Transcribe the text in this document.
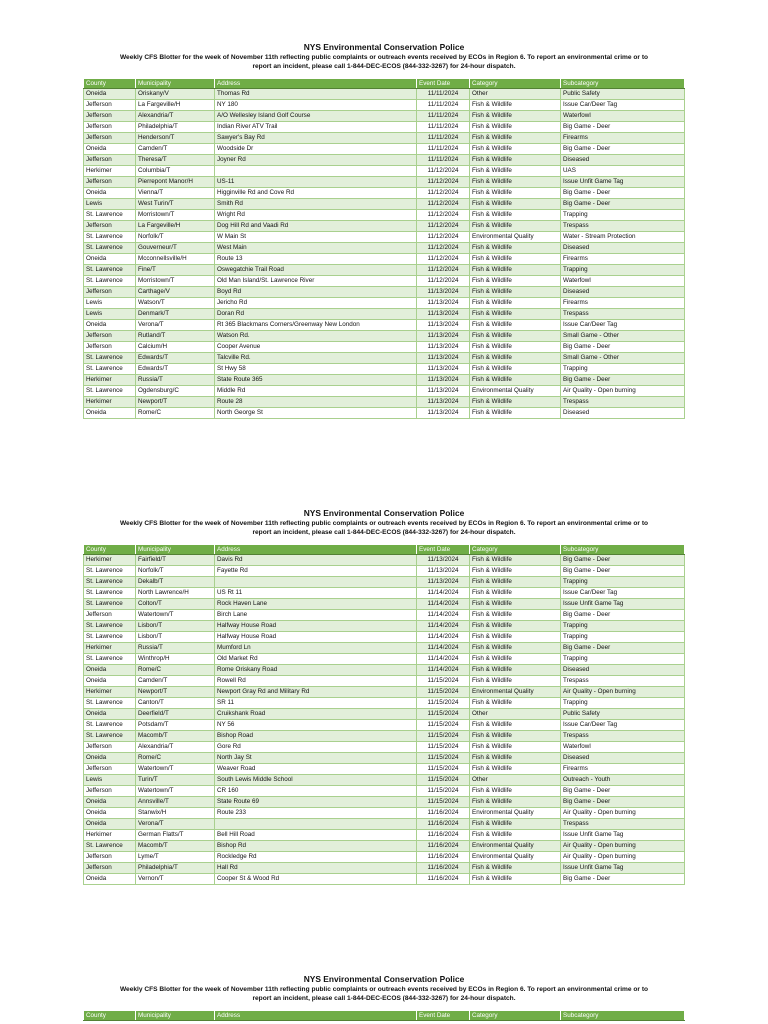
NYS Environmental Conservation Police
Weekly CFS Blotter for the week of November 11th reflecting public complaints or outreach events received by ECOs in Region 6. To report an environmental crime or to
report an incident, please call 1-844-DEC-ECOS (844-332-3267) for 24-hour dispatch.
County	Municipality	Address	Event Date	Category	Subcategory
Oneida	Oriskany/V	Thomas Rd	11/11/2024	Other	Public Safety
Jefferson	La Fargeville/H	NY 180	11/11/2024	Fish & Wildlife	Issue Car/Deer Tag
Jefferson	Alexandria/T	A/O Wellesley Island Golf Course	11/11/2024	Fish & Wildlife	Waterfowl
Jefferson	Philadelphia/T	Indian River ATV Trail	11/11/2024	Fish & Wildlife	Big Game - Deer
Jefferson	Henderson/T	Sawyer's Bay Rd	11/11/2024	Fish & Wildlife	Firearms
Oneida	Camden/T	Woodside Dr	11/11/2024	Fish & Wildlife	Big Game - Deer
Jefferson	Theresa/T	Joyner Rd	11/11/2024	Fish & Wildlife	Diseased
Herkimer	Columbia/T		11/12/2024	Fish & Wildlife	UAS
Jefferson	Pierrepont Manor/H	US-11	11/12/2024	Fish & Wildlife	Issue Unfit Game Tag
Oneida	Vienna/T	Higginville Rd and Cove Rd	11/12/2024	Fish & Wildlife	Big Game - Deer
Lewis	West Turin/T	Smith Rd	11/12/2024	Fish & Wildlife	Big Game - Deer
St. Lawrence	Morristown/T	Wright Rd	11/12/2024	Fish & Wildlife	Trapping
Jefferson	La Fargeville/H	Dog Hill Rd and Vaadi Rd	11/12/2024	Fish & Wildlife	Trespass
St. Lawrence	Norfolk/T	W Main St	11/12/2024	Environmental Quality	Water - Stream Protection
St. Lawrence	Gouverneur/T	West Main	11/12/2024	Fish & Wildlife	Diseased
Oneida	Mcconnellsville/H	Route 13	11/12/2024	Fish & Wildlife	Firearms
St. Lawrence	Fine/T	Oswegatchie Trail Road	11/12/2024	Fish & Wildlife	Trapping
St. Lawrence	Morristown/T	Old Man Island/St. Lawrence River	11/12/2024	Fish & Wildlife	Waterfowl
Jefferson	Carthage/V	Boyd Rd	11/13/2024	Fish & Wildlife	Diseased
Lewis	Watson/T	Jericho Rd	11/13/2024	Fish & Wildlife	Firearms
Lewis	Denmark/T	Doran Rd	11/13/2024	Fish & Wildlife	Trespass
Oneida	Verona/T	Rt 365 Blackmans Corners/Greenway New London	11/13/2024	Fish & Wildlife	Issue Car/Deer Tag
Jefferson	Rutland/T	Watson Rd.	11/13/2024	Fish & Wildlife	Small Game - Other
Jefferson	Calcium/H	Cooper Avenue	11/13/2024	Fish & Wildlife	Big Game - Deer
St. Lawrence	Edwards/T	Talcville Rd.	11/13/2024	Fish & Wildlife	Small Game - Other
St. Lawrence	Edwards/T	St Hwy 58	11/13/2024	Fish & Wildlife	Trapping
Herkimer	Russia/T	State Route 365	11/13/2024	Fish & Wildlife	Big Game - Deer
St. Lawrence	Ogdensburg/C	Middle Rd	11/13/2024	Environmental Quality	Air Quality - Open burning
Herkimer	Newport/T	Route 28	11/13/2024	Fish & Wildlife	Trespass
Oneida	Rome/C	North George St	11/13/2024	Fish & Wildlife	Diseased
NYS Environmental Conservation Police
Weekly CFS Blotter for the week of November 11th reflecting public complaints or outreach events received by ECOs in Region 6. To report an environmental crime or to
report an incident, please call 1-844-DEC-ECOS (844-332-3267) for 24-hour dispatch.
County	Municipality	Address	Event Date	Category	Subcategory
Herkimer	Fairfield/T	Davis Rd	11/13/2024	Fish & Wildlife	Big Game - Deer
St. Lawrence	Norfolk/T	Fayette Rd	11/13/2024	Fish & Wildlife	Big Game - Deer
St. Lawrence	Dekalb/T		11/13/2024	Fish & Wildlife	Trapping
St. Lawrence	North Lawrence/H	US Rt 11	11/14/2024	Fish & Wildlife	Issue Car/Deer Tag
St. Lawrence	Colton/T	Rock Haven Lane	11/14/2024	Fish & Wildlife	Issue Unfit Game Tag
Jefferson	Watertown/T	Birch Lane	11/14/2024	Fish & Wildlife	Big Game - Deer
St. Lawrence	Lisbon/T	Halfway House Road	11/14/2024	Fish & Wildlife	Trapping
St. Lawrence	Lisbon/T	Halfway House Road	11/14/2024	Fish & Wildlife	Trapping
Herkimer	Russia/T	Mumford Ln	11/14/2024	Fish & Wildlife	Big Game - Deer
St. Lawrence	Winthrop/H	Old Market Rd	11/14/2024	Fish & Wildlife	Trapping
Oneida	Rome/C	Rome Oriskany Road	11/14/2024	Fish & Wildlife	Diseased
Oneida	Camden/T	Rowell Rd	11/15/2024	Fish & Wildlife	Trespass
Herkimer	Newport/T	Newport Gray Rd and Military Rd	11/15/2024	Environmental Quality	Air Quality - Open burning
St. Lawrence	Canton/T	SR 11	11/15/2024	Fish & Wildlife	Trapping
Oneida	Deerfield/T	Cruikshank Road	11/15/2024	Other	Public Safety
St. Lawrence	Potsdam/T	NY 56	11/15/2024	Fish & Wildlife	Issue Car/Deer Tag
St. Lawrence	Macomb/T	Bishop Road	11/15/2024	Fish & Wildlife	Trespass
Jefferson	Alexandria/T	Gore Rd	11/15/2024	Fish & Wildlife	Waterfowl
Oneida	Rome/C	North Jay St	11/15/2024	Fish & Wildlife	Diseased
Jefferson	Watertown/T	Weaver Road	11/15/2024	Fish & Wildlife	Firearms
Lewis	Turin/T	South Lewis Middle School	11/15/2024	Other	Outreach - Youth
Jefferson	Watertown/T	CR 160	11/15/2024	Fish & Wildlife	Big Game - Deer
Oneida	Annsville/T	State Route 69	11/15/2024	Fish & Wildlife	Big Game - Deer
Oneida	Stanwix/H	Route 233	11/16/2024	Environmental Quality	Air Quality - Open burning
Oneida	Verona/T		11/16/2024	Fish & Wildlife	Trespass
Herkimer	German Flatts/T	Bell Hill Road	11/16/2024	Fish & Wildlife	Issue Unfit Game Tag
St. Lawrence	Macomb/T	Bishop Rd	11/16/2024	Environmental Quality	Air Quality - Open burning
Jefferson	Lyme/T	Rockledge Rd	11/16/2024	Environmental Quality	Air Quality - Open burning
Jefferson	Philadelphia/T	Hall Rd	11/16/2024	Fish & Wildlife	Issue Unfit Game Tag
Oneida	Vernon/T	Cooper St & Wood Rd	11/16/2024	Fish & Wildlife	Big Game - Deer
NYS Environmental Conservation Police
Weekly CFS Blotter for the week of November 11th reflecting public complaints or outreach events received by ECOs in Region 6. To report an environmental crime or to
report an incident, please call 1-844-DEC-ECOS (844-332-3267) for 24-hour dispatch.
County	Municipality	Address	Event Date	Category	Subcategory
